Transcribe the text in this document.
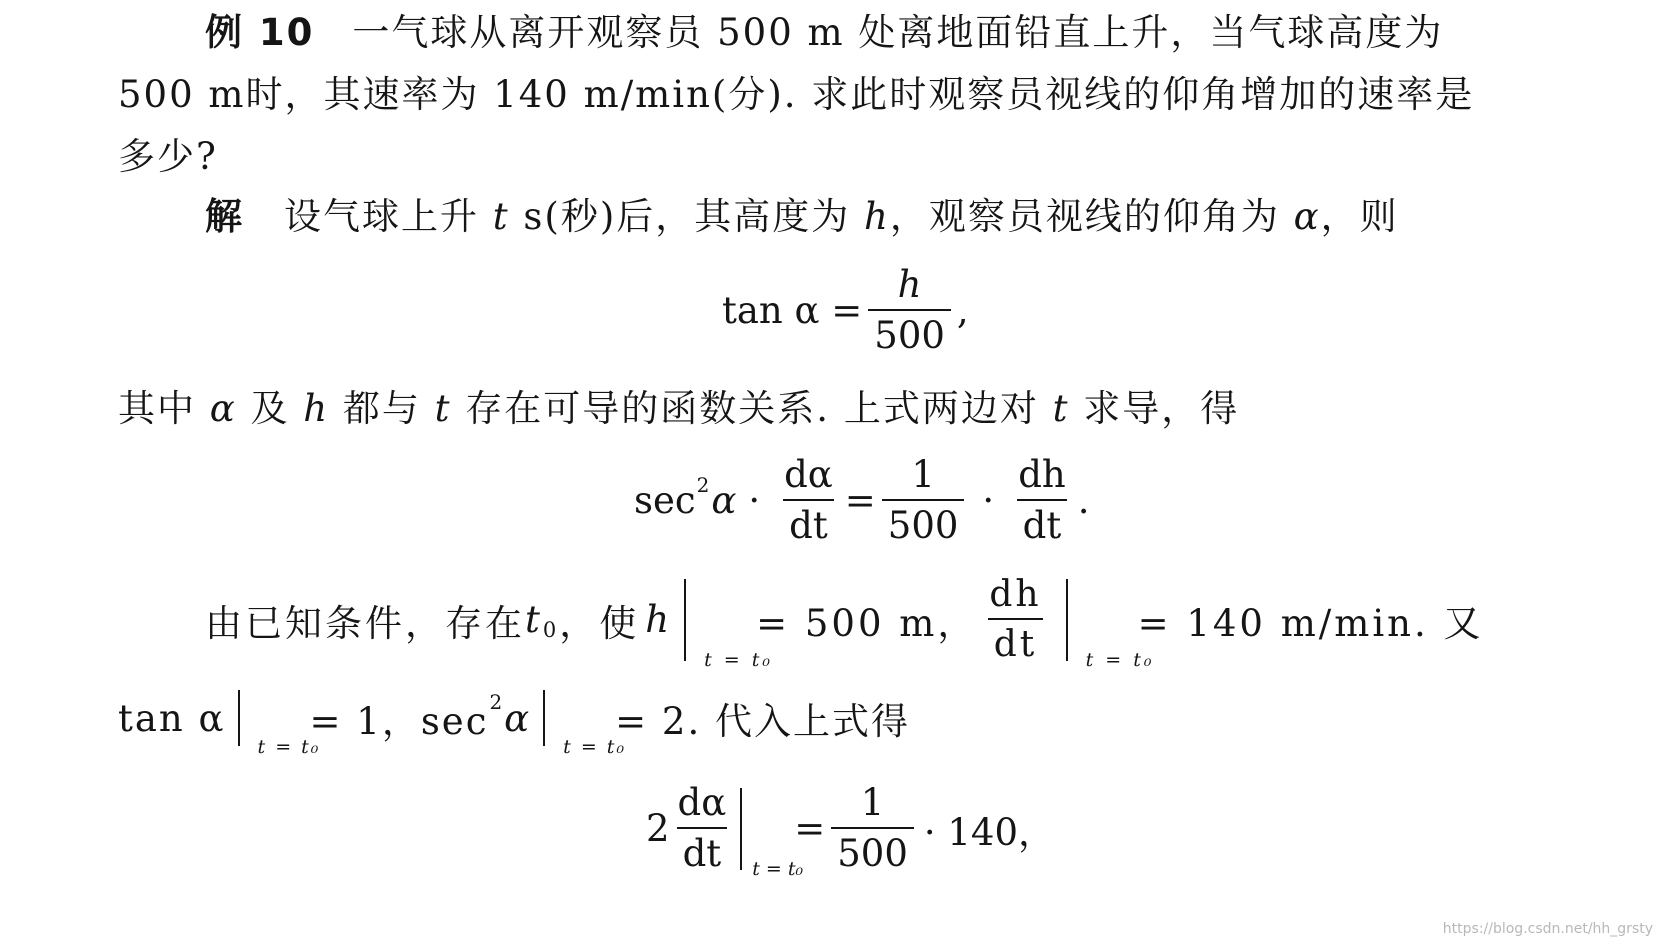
例 10 一气球从离开观察员 500 m 处离地面铅直上升，当气球高度为
500 m时，其速率为 140 m/min(分). 求此时观察员视线的仰角增加的速率是
多少?
解 设气球上升 t s(秒)后，其高度为 h，观察员视线的仰角为 α，则
$\tan \alpha = \frac{h}{500}$ ,
其中 α 及 h 都与 t 存在可导的函数关系. 上式两边对 t 求导，得
sec 2 $\alpha \cdot \frac{d\alpha}{dt} = \frac{1}{500} \cdot \frac{dh}{dt}$ .
由已知条件，存在 t 0 ，使 h
t = t₀
= 500 m， $\frac{dh}{dt}$ t = t₀
= 140 m/min. 又
tan α
t = t₀
= 1，sec 2 α
t = t₀
= 2. 代入上式得
$2 \frac{d\alpha}{dt}$ t = t₀
= $\frac{1}{500} \cdot 140$，
https://blog.csdn.net/hh_grsty
